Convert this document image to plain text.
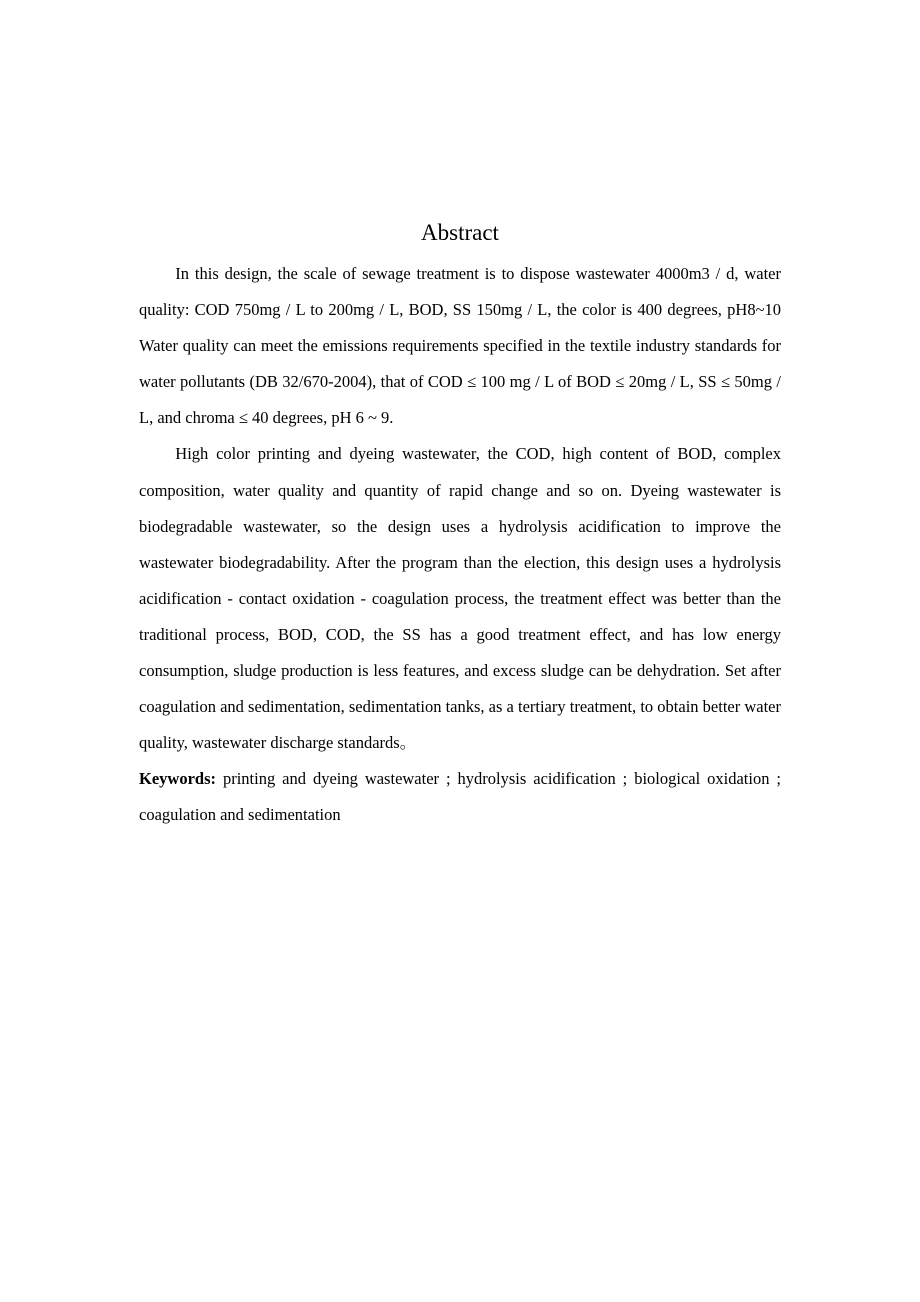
Abstract

In this design, the scale of sewage treatment is to dispose wastewater 4000m3 / d, water quality: COD 750mg / L to 200mg / L, BOD, SS 150mg / L, the color is 400 degrees, pH8~10 Water quality can meet the emissions requirements specified in the textile industry standards for water pollutants (DB 32/670-2004), that of COD ≤ 100 mg / L of BOD ≤ 20mg / L, SS ≤ 50mg / L, and chroma ≤ 40 degrees, pH 6 ~ 9.

High color printing and dyeing wastewater, the COD, high content of BOD, complex composition, water quality and quantity of rapid change and so on. Dyeing wastewater is biodegradable wastewater, so the design uses a hydrolysis acidification to improve the wastewater biodegradability. After the program than the election, this design uses a hydrolysis acidification - contact oxidation - coagulation process, the treatment effect was better than the traditional process, BOD, COD, the SS has a good treatment effect, and has low energy consumption, sludge production is less features, and excess sludge can be dehydration. Set after coagulation and sedimentation, sedimentation tanks, as a tertiary treatment, to obtain better water quality, wastewater discharge standards。

Keywords: printing and dyeing wastewater ; hydrolysis acidification ; biological oxidation ;    coagulation and sedimentation
